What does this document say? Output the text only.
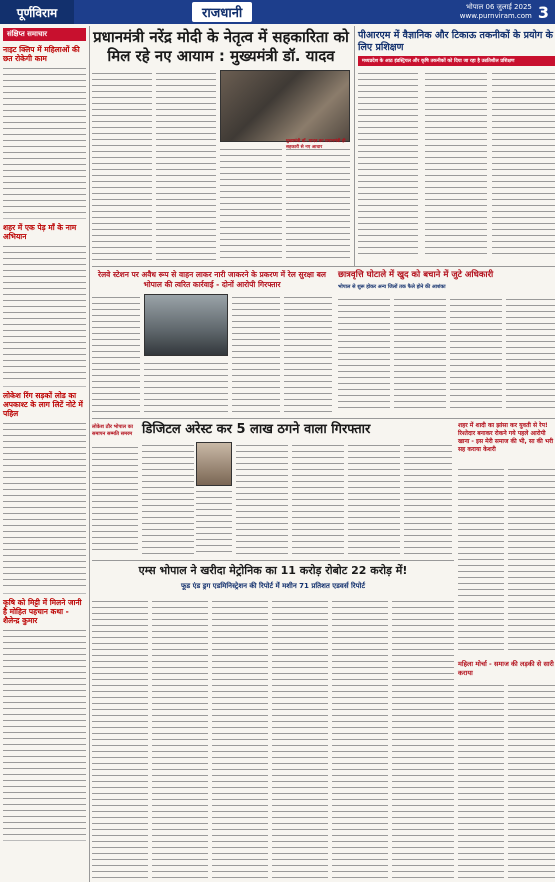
पूर्णविराम	राजधानी	भोपाल 06 जुलाई 2025
www.purnviram.com 3
संक्षिप्त समाचार
नाइट क्लिप में महिलाओं की छत रोकेगी काम
शहर में एक पेड़ माँ के नाम अभियान
लोकेश रिंग सड़कों लोड का अपकाश्ट के लाग लिटें नोटे में पहिल
कृषि को मिट्टी में मिलने जानी है मोहित पहचान कथा - शैलेन्द्र कुमार
प्रधानमंत्री नरेंद्र मोदी के नेतृत्व में सहकारिता को मिल रहे नए आयाम : मुख्यमंत्री डॉ. यादव
मुख्यमंत्री डॉ. यादव का प्रधानमंत्री ही सहकारी से नए आधार
पीआरएम में वैज्ञानिक और टिकाऊ तकनीकों के प्रयोग के लिए प्रशिक्षण
मध्यप्रदेश के आठ इंडस्ट्रियल और कृषि तकनीकों को दिया जा रहा है उन्नतिशील प्रशिक्षण
रेलवे स्टेशन पर अवैध रूप से वाहन लाकर नारी जाकरने के प्रकरण में रेल सुरक्षा बल भोपाल की त्वरित कार्रवाई - दोनों आरोपी गिरफ्तार
छात्रवृत्ति घोटाले में खुद को बचाने में जुटे अधिकारी
भोपाल से शुरू होकर अन्य जिलों तक फैले होने की आशंका
डिजिटल अरेस्ट कर 5 लाख ठगने वाला गिरफ्तार
लोकेश ठौर भोपाल का समापन सम्मति समरम
शहर में शादी का झांसा कर युवती से रेप! रिश्तेदार बनाकर रोकने गये पहले आरोपी खाना - इस मेरी समाज की भी, सा की भरी सह कराया केशरी
एम्स भोपाल ने खरीदा मेट्रोनिक का 11 करोड़ रोबोट 22 करोड़ में!
फूड एंड ड्रग एडमिनिस्ट्रेशन की रिपोर्ट में मशीन 71 प्रतिशत एडवर्स रिपोर्ट
महिला मोर्चा - समाज की लड़की से सारी कराया
